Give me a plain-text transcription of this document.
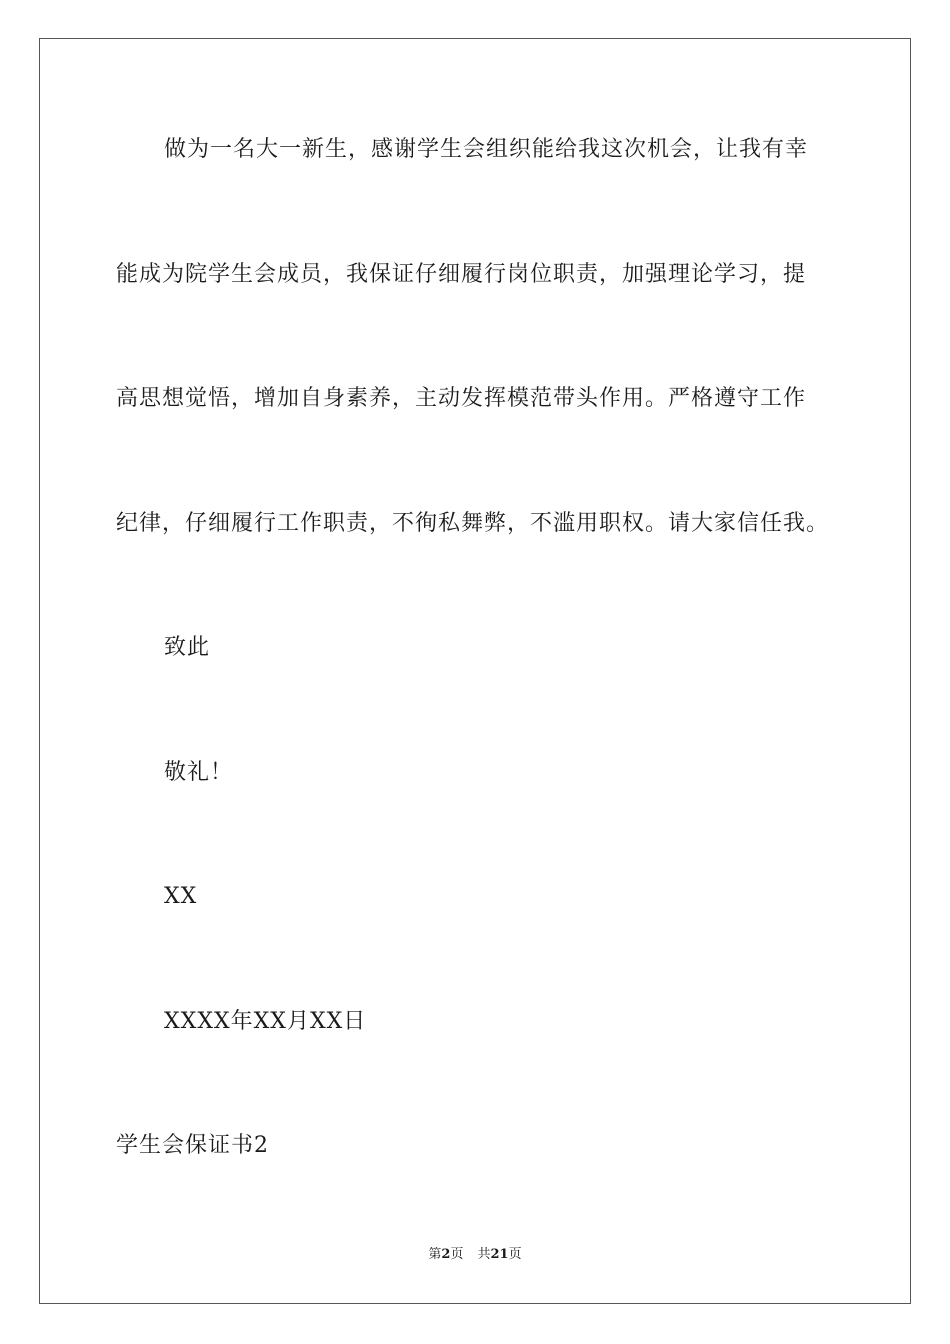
做为一名大一新生，感谢学生会组织能给我这次机会，让我有幸
能成为院学生会成员，我保证仔细履行岗位职责，加强理论学习，提
高思想觉悟，增加自身素养，主动发挥模范带头作用。严格遵守工作
纪律，仔细履行工作职责，不徇私舞弊，不滥用职权。请大家信任我。
致此
敬礼！
XX
XXXX年XX月XX日
学生会保证书2
第2页 共21页
